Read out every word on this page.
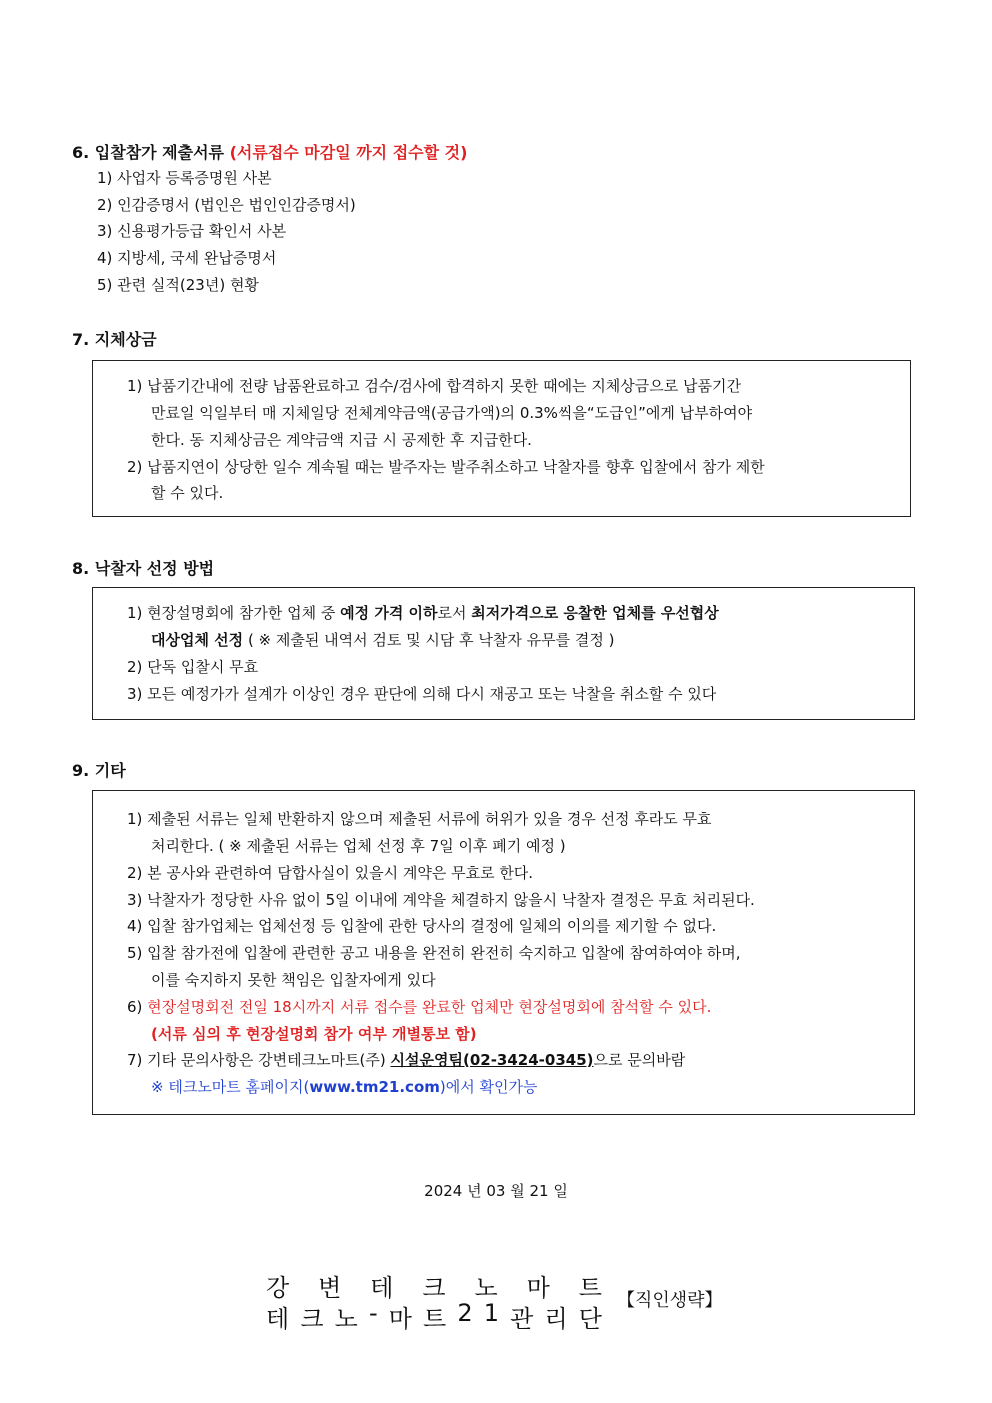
6. 입찰참가 제출서류 (서류접수 마감일 까지 접수할 것)
1) 사업자 등록증명원 사본
2) 인감증명서 (법인은 법인인감증명서)
3) 신용평가등급 확인서 사본
4) 지방세, 국세 완납증명서
5) 관련 실적(23년) 현황
7. 지체상금
1) 납품기간내에 전량 납품완료하고 검수/검사에 합격하지 못한 때에는 지체상금으로 납품기간
만료일 익일부터 매 지체일당 전체계약금액(공급가액)의 0.3%씩을“도급인”에게 납부하여야
한다. 동 지체상금은 계약금액 지급 시 공제한 후 지급한다.
2) 납품지연이 상당한 일수 계속될 때는 발주자는 발주취소하고 낙찰자를 향후 입찰에서 참가 제한
할 수 있다.
8. 낙찰자 선정 방법
1) 현장설명회에 참가한 업체 중 예정 가격 이하로서 최저가격으로 응찰한 업체를 우선협상
대상업체 선정 ( ※ 제출된 내역서 검토 및 시담 후 낙찰자 유무를 결정 )
2) 단독 입찰시 무효
3) 모든 예정가가 설계가 이상인 경우 판단에 의해 다시 재공고 또는 낙찰을 취소할 수 있다
9. 기타
1) 제출된 서류는 일체 반환하지 않으며 제출된 서류에 허위가 있을 경우 선정 후라도 무효
처리한다. ( ※ 제출된 서류는 업체 선정 후 7일 이후 폐기 예정 )
2) 본 공사와 관련하여 담합사실이 있을시 계약은 무효로 한다.
3) 낙찰자가 정당한 사유 없이 5일 이내에 계약을 체결하지 않을시 낙찰자 결정은 무효 처리된다.
4) 입찰 참가업체는 업체선정 등 입찰에 관한 당사의 결정에 일체의 이의를 제기할 수 없다.
5) 입찰 참가전에 입찰에 관련한 공고 내용을 완전히 완전히 숙지하고 입찰에 참여하여야 하며,
이를 숙지하지 못한 책임은 입찰자에게 있다
6) 현장설명회전 전일 18시까지 서류 접수를 완료한 업체만 현장설명회에 참석할 수 있다.
(서류 심의 후 현장설명회 참가 여부 개별통보 함)
7) 기타 문의사항은 강변테크노마트(주) 시설운영팀(02-3424-0345)으로 문의바람
※ 테크노마트 홈페이지(www.tm21.com)에서 확인가능
2024 년 03 월 21 일
강 변 테 크 노 마 트
테 크 노 - 마 트 2 1 관 리 단
【직인생략】
